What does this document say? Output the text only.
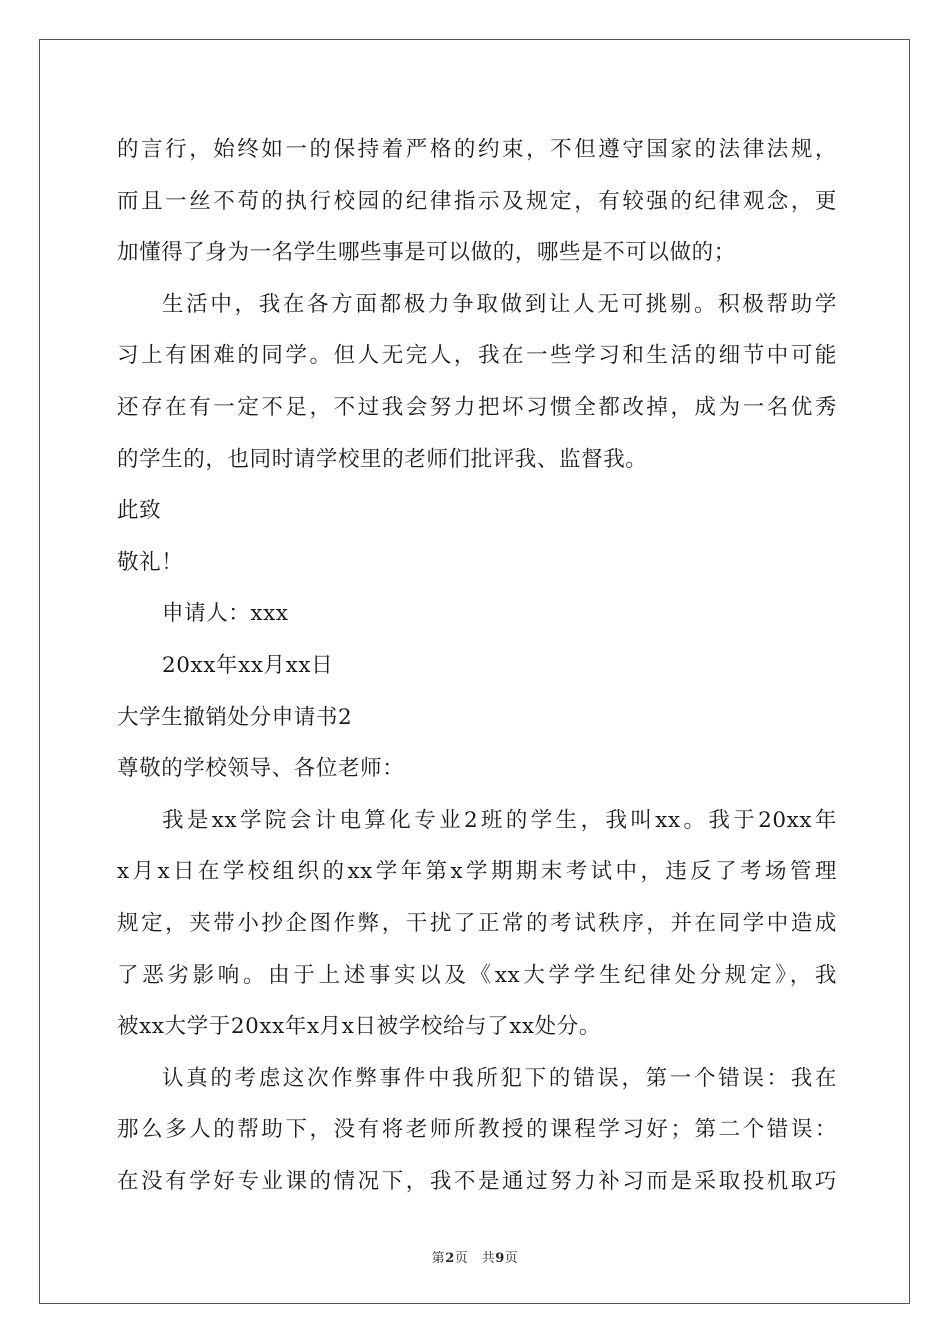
的言行，始终如一的保持着严格的约束，不但遵守国家的法律法规，
而且一丝不苟的执行校园的纪律指示及规定，有较强的纪律观念，更
加懂得了身为一名学生哪些事是可以做的，哪些是不可以做的；
生活中，我在各方面都极力争取做到让人无可挑剔。积极帮助学
习上有困难的同学。但人无完人，我在一些学习和生活的细节中可能
还存在有一定不足，不过我会努力把坏习惯全都改掉，成为一名优秀
的学生的，也同时请学校里的老师们批评我、监督我。
此致
敬礼！
申请人：xxx
20xx年xx月xx日
大学生撤销处分申请书2
尊敬的学校领导、各位老师：
我是xx学院会计电算化专业2班的学生，我叫xx。我于20xx年
x月x日在学校组织的xx学年第x学期期末考试中，违反了考场管理
规定，夹带小抄企图作弊，干扰了正常的考试秩序，并在同学中造成
了恶劣影响。由于上述事实以及《xx大学学生纪律处分规定》，我
被xx大学于20xx年x月x日被学校给与了xx处分。
认真的考虑这次作弊事件中我所犯下的错误，第一个错误：我在
那么多人的帮助下，没有将老师所教授的课程学习好；第二个错误：
在没有学好专业课的情况下，我不是通过努力补习而是采取投机取巧
第2页　共9页
